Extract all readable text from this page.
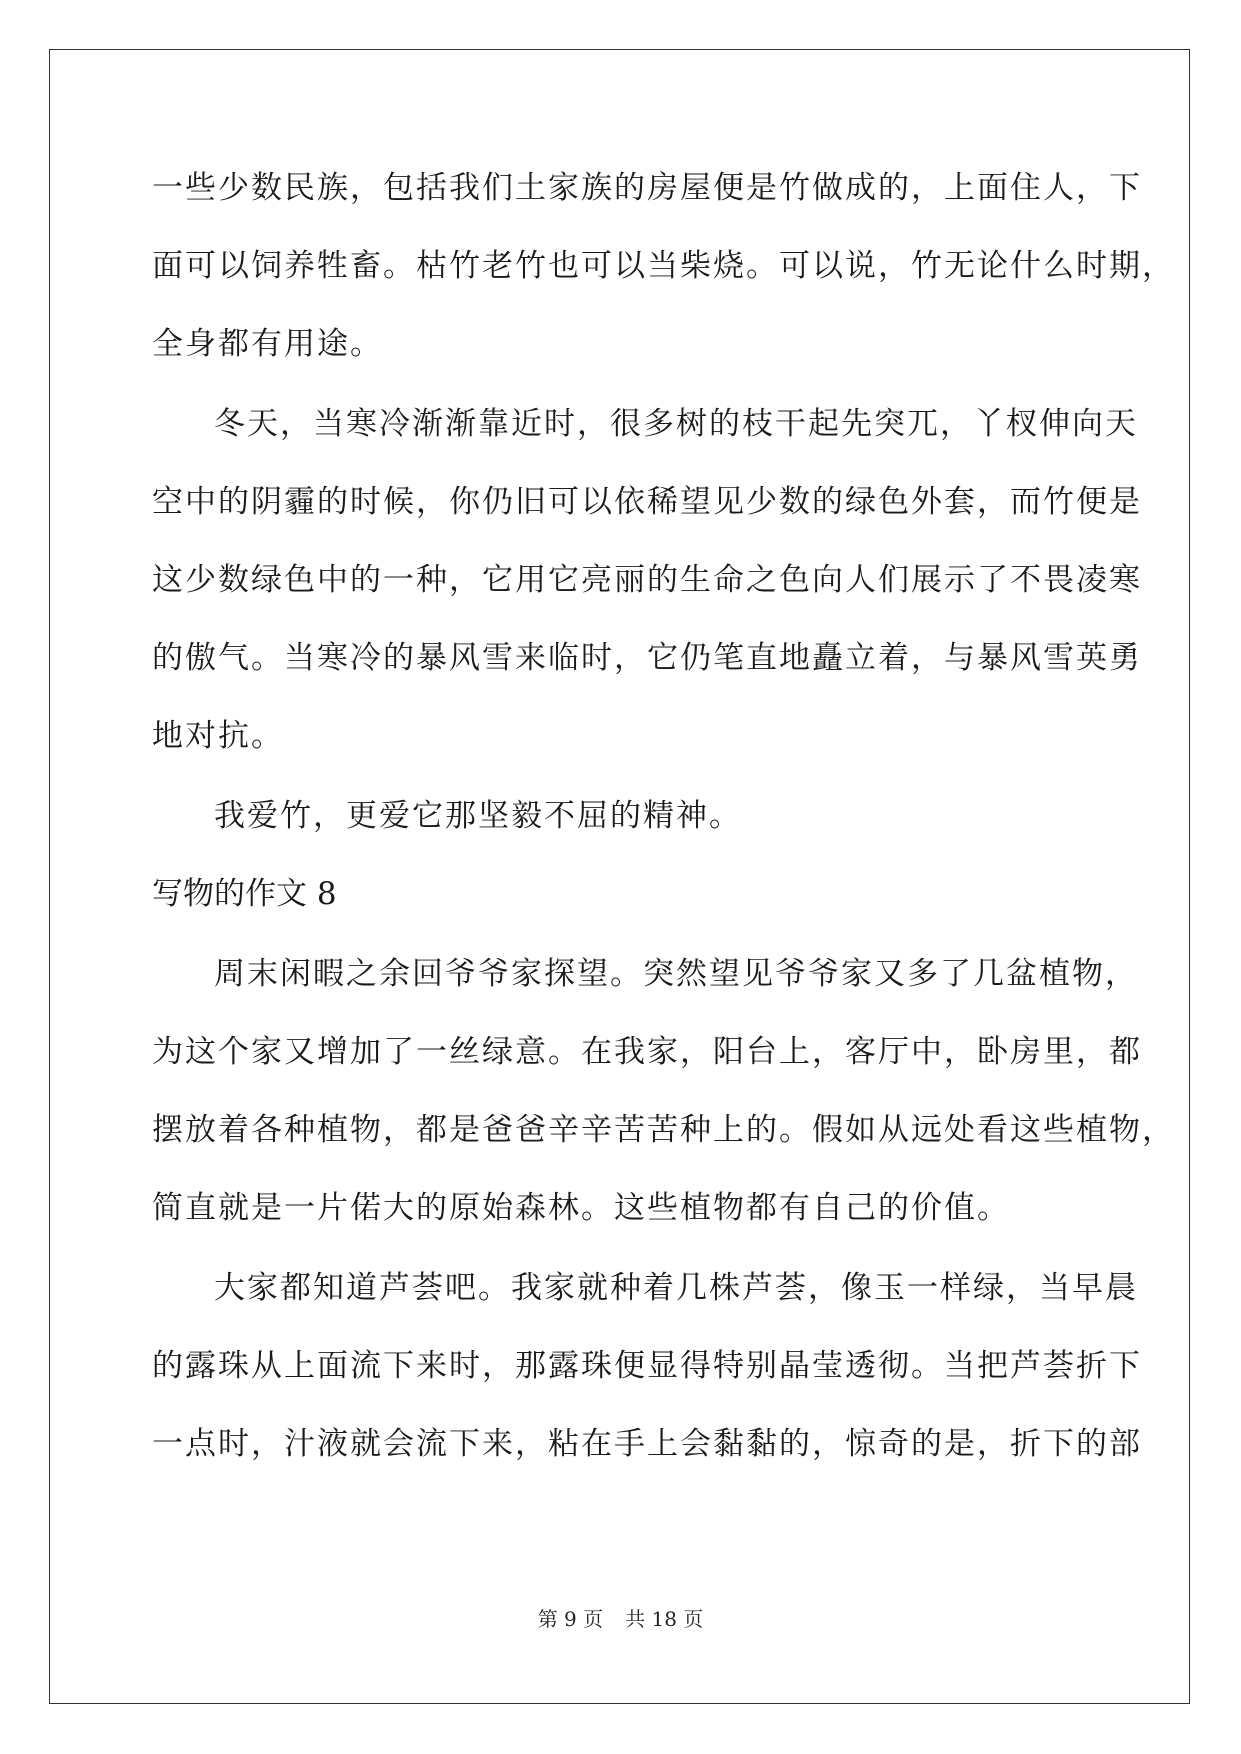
一些少数民族，包括我们土家族的房屋便是竹做成的，上面住人，下
面可以饲养牲畜。枯竹老竹也可以当柴烧。可以说，竹无论什么时期，
全身都有用途。
冬天，当寒冷渐渐靠近时，很多树的枝干起先突兀，丫杈伸向天
空中的阴霾的时候，你仍旧可以依稀望见少数的绿色外套，而竹便是
这少数绿色中的一种，它用它亮丽的生命之色向人们展示了不畏凌寒
的傲气。当寒冷的暴风雪来临时，它仍笔直地矗立着，与暴风雪英勇
地对抗。
我爱竹，更爱它那坚毅不屈的精神。
写物的作文 8
周末闲暇之余回爷爷家探望。突然望见爷爷家又多了几盆植物，
为这个家又增加了一丝绿意。在我家，阳台上，客厅中，卧房里，都
摆放着各种植物，都是爸爸辛辛苦苦种上的。假如从远处看这些植物，
简直就是一片偌大的原始森林。这些植物都有自己的价值。
大家都知道芦荟吧。我家就种着几株芦荟，像玉一样绿，当早晨
的露珠从上面流下来时，那露珠便显得特别晶莹透彻。当把芦荟折下
一点时，汁液就会流下来，粘在手上会黏黏的，惊奇的是，折下的部
第 9 页 共 18 页
